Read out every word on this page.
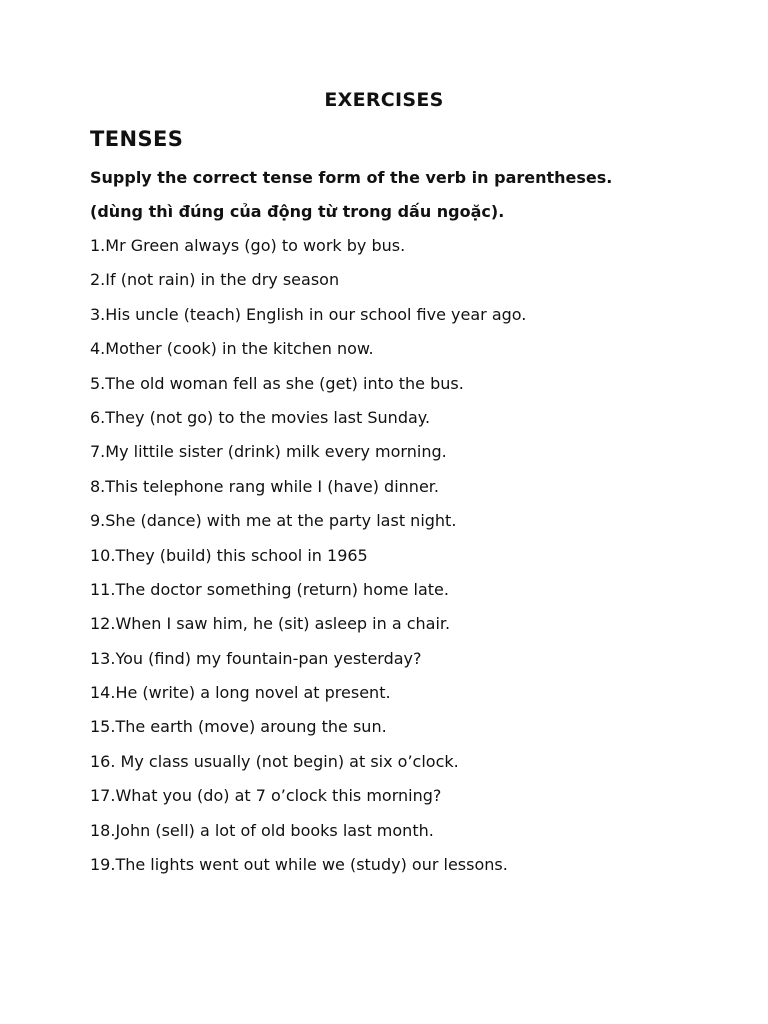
EXERCISES
TENSES
Supply the correct tense form of the verb in parentheses.
(dùng thì đúng của động từ trong dấu ngoặc).
1.Mr Green always (go) to work by bus.
2.If (not rain) in the dry season
3.His uncle (teach) English in our school five year ago.
4.Mother (cook) in the kitchen now.
5.The old woman fell as she (get) into the bus.
6.They (not go) to the movies last Sunday.
7.My littile sister (drink) milk every morning.
8.This telephone rang while I (have) dinner.
9.She (dance) with me at the party last night.
10.They (build) this school in 1965
11.The doctor something (return) home late.
12.When I saw him, he (sit) asleep in a chair.
13.You (find) my fountain-pan yesterday?
14.He (write) a long novel at present.
15.The earth (move) aroung the sun.
16. My class usually (not begin) at six o’clock.
17.What you (do) at 7 o’clock this morning?
18.John (sell) a lot of old books last month.
19.The lights went out while we (study) our lessons.
